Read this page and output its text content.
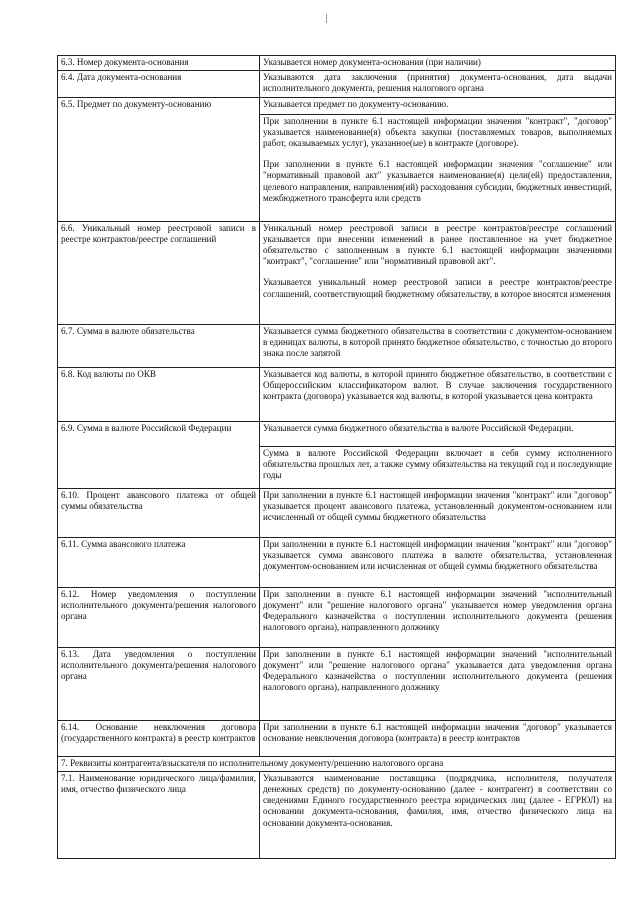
6.3. Номер документа-основания	Указывается номер документа-основания (при наличии)
6.4. Дата документа-основания	Указываются дата заключения (принятия) документа-основания, дата выдачи исполнительного документа, решения налогового органа
6.5. Предмет по документу-основанию	Указывается предмет по документу-основанию.

	При заполнении в пункте 6.1 настоящей информации значения "контракт", "договор" указывается наименование(я) объекта закупки (поставляемых товаров, выполняемых работ, оказываемых услуг), указанное(ые) в контракте (договоре).
При заполнении в пункте 6.1 настоящей информации значения "соглашение" или "нормативный правовой акт" указывается наименование(я) цели(ей) предоставления, целевого направления, направления(ий) расходования субсидии, бюджетных инвестиций, межбюджетного трансферта или средств

6.6. Уникальный номер реестровой записи в реестре контрактов/реестре соглашений	Уникальный номер реестровой записи в реестре контрактов/реестре соглашений указывается при внесении изменений в ранее поставленное на учет бюджетное обязательство с заполненным в пункте 6.1 настоящей информации значениями "контракт", "соглашение" или "нормативный правовой акт".
Указывается уникальный номер реестровой записи в реестре контрактов/реестре соглашений, соответствующий бюджетному обязательству, в которое вносятся изменения

6.7. Сумма в валюте обязательства	Указывается сумма бюджетного обязательства в соответствии с документом-основанием в единицах валюты, в которой принято бюджетное обязательство, с точностью до второго знака после запятой
6.8. Код валюты по ОКВ	Указывается код валюты, в которой принято бюджетное обязательство, в соответствии с Общероссийским классификатором валют. В случае заключения государственного контракта (договора) указывается код валюты, в которой указывается цена контракта
6.9. Сумма в валюте Российской Федерации	Указывается сумма бюджетного обязательства в валюте Российской Федерации.
	Сумма в валюте Российской Федерации включает в себя сумму исполненного обязательства прошлых лет, а также сумму обязательства на текущий год и последующие годы
6.10. Процент авансового платежа от общей суммы обязательства	При заполнении в пункте 6.1 настоящей информации значения "контракт" или "договор" указывается процент авансового платежа, установленный документом-основанием или исчисленный от общей суммы бюджетного обязательства
6.11. Сумма авансового платежа	При заполнении в пункте 6.1 настоящей информации значения "контракт" или "договор" указывается сумма авансового платежа в валюте обязательства, установленная документом-основанием или исчисленная от общей суммы бюджетного обязательства
6.12. Номер уведомления о поступлении исполнительного документа/решения налогового органа	При заполнении в пункте 6.1 настоящей информации значений "исполнительный документ" или "решение налогового органа" указывается номер уведомления органа Федерального казначейства о поступлении исполнительного документа (решения налогового органа), направленного должнику
6.13. Дата уведомления о поступлении исполнительного документа/решения налогового органа	При заполнении в пункте 6.1 настоящей информации значений "исполнительный документ" или "решение налогового органа" указывается дата уведомления органа Федерального казначейства о поступлении исполнительного документа (решения налогового органа), направленного должнику
6.14. Основание невключения договора (государственного контракта) в реестр контрактов	При заполнении в пункте 6.1 настоящей информации значения "договор" указывается основание невключения договора (контракта) в реестр контрактов
7. Реквизиты контрагента/взыскателя по исполнительному документу/решению налогового органа	
7.1. Наименование юридического лица/фамилия, имя, отчество физического лица	Указываются наименование поставщика (подрядчика, исполнителя, получателя денежных средств) по документу-основанию (далее - контрагент) в соответствии со сведениями Единого государственного реестра юридических лиц (далее - ЕГРЮЛ) на основании документа-основания, фамилия, имя, отчество физического лица на основании документа-основания.
